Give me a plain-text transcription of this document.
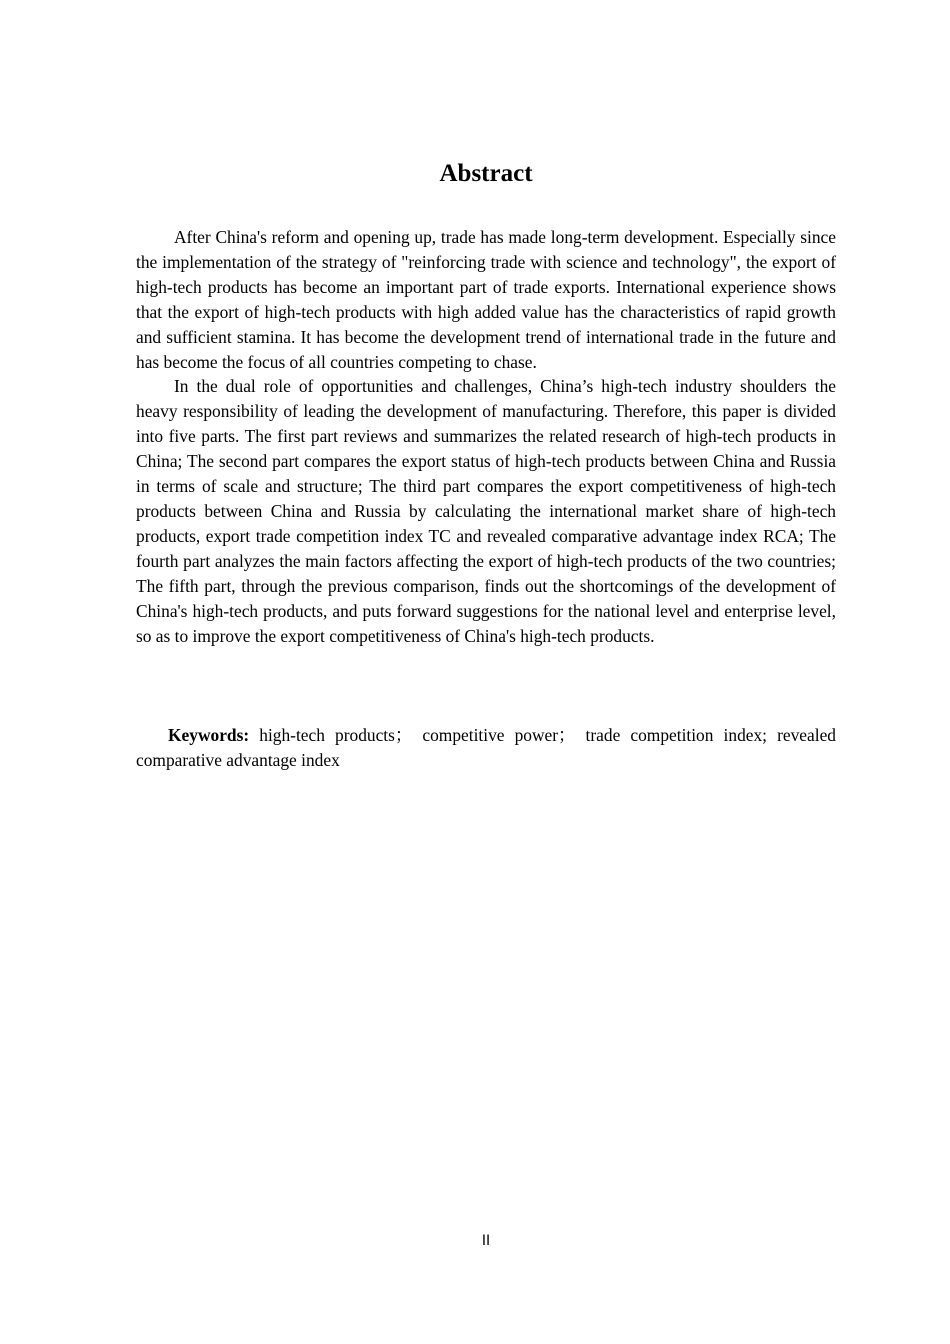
Abstract

After China's reform and opening up, trade has made long-term development. Especially since the implementation of the strategy of "reinforcing trade with science and technology", the export of high-tech products has become an important part of trade exports. International experience shows that the export of high-tech products with high added value has the characteristics of rapid growth and sufficient stamina. It has become the development trend of international trade in the future and has become the focus of all countries competing to chase.

In the dual role of opportunities and challenges, China’s high-tech industry shoulders the heavy responsibility of leading the development of manufacturing. Therefore, this paper is divided into five parts. The first part reviews and summarizes the related research of high-tech products in China; The second part compares the export status of high-tech products between China and Russia in terms of scale and structure; The third part compares the export competitiveness of high-tech products between China and Russia by calculating the international market share of high-tech products, export trade competition index TC and revealed comparative advantage index RCA; The fourth part analyzes the main factors affecting the export of high-tech products of the two countries; The fifth part, through the previous comparison, finds out the shortcomings of the development of China's high-tech products, and puts forward suggestions for the national level and enterprise level, so as to improve the export competitiveness of China's high-tech products.

Keywords: high-tech products； competitive power； trade competition index; revealed comparative advantage index

II
